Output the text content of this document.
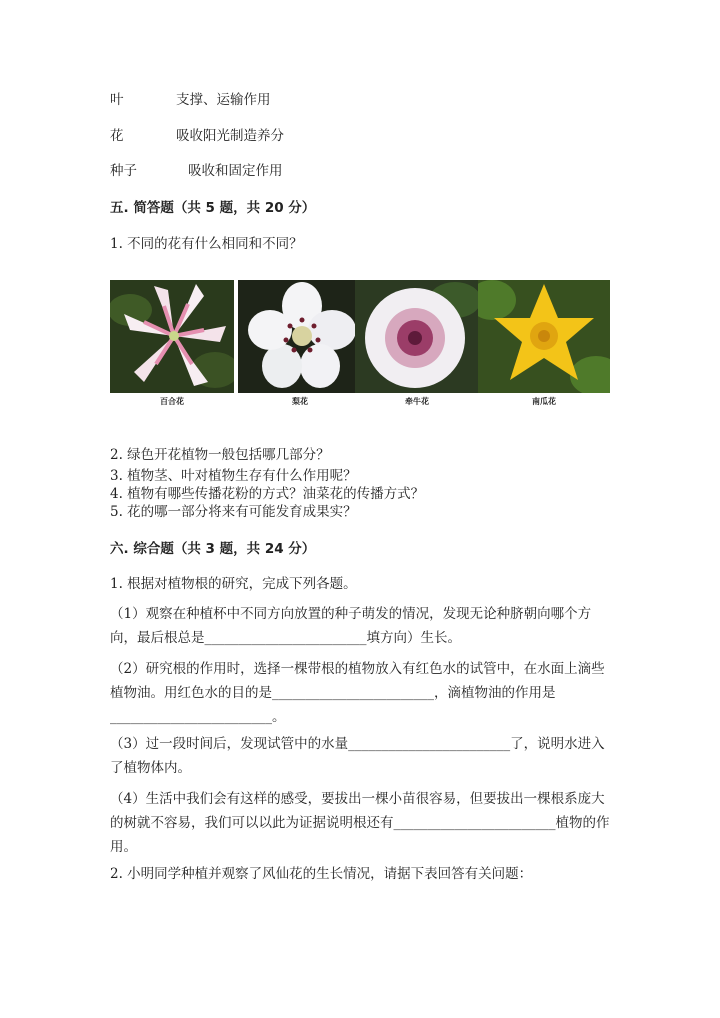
叶	支撑、运输作用
花	吸收阳光制造养分
种子	吸收和固定作用
五. 简答题（共 5 题，共 20 分）
1. 不同的花有什么相同和不同？
百合花	梨花	牵牛花	南瓜花
2. 绿色开花植物一般包括哪几部分？
3. 植物茎、叶对植物生存有什么作用呢？
4. 植物有哪些传播花粉的方式？油菜花的传播方式？
5. 花的哪一部分将来有可能发育成果实？
六. 综合题（共 3 题，共 24 分）
1. 根据对植物根的研究，完成下列各题。
（1）观察在种植杯中不同方向放置的种子萌发的情况，发现无论种脐朝向哪个方向，最后根总是________________________填方向）生长。
（2）研究根的作用时，选择一棵带根的植物放入有红色水的试管中，在水面上滴些植物油。用红色水的目的是________________________，滴植物油的作用是________________________。
（3）过一段时间后，发现试管中的水量________________________了，说明水进入了植物体内。
（4）生活中我们会有这样的感受，要拔出一棵小苗很容易，但要拔出一棵根系庞大的树就不容易，我们可以以此为证据说明根还有________________________植物的作用。
2. 小明同学种植并观察了风仙花的生长情况，请据下表回答有关问题：
